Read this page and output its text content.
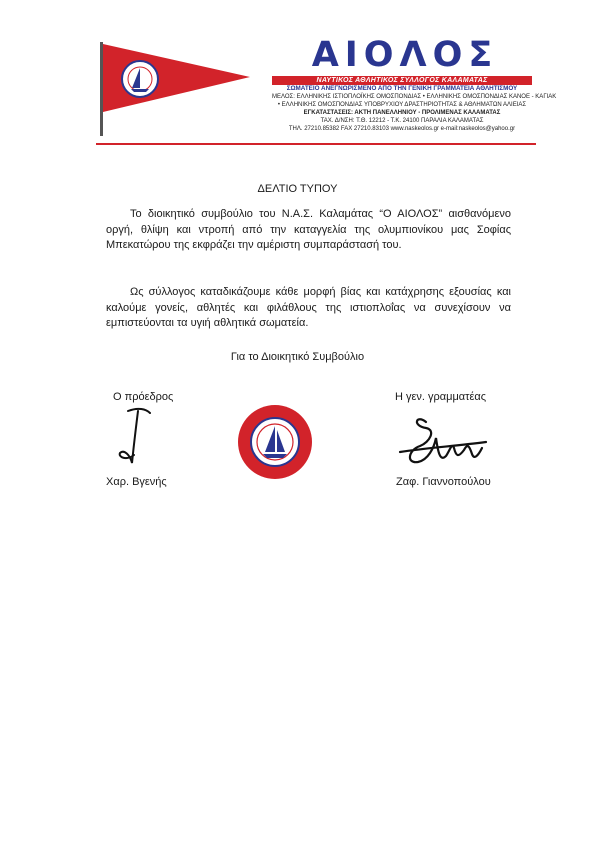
ΑΙΟΛΟΣ
ΝΑΥΤΙΚΟΣ ΑΘΛΗΤΙΚΟΣ ΣΥΛΛΟΓΟΣ ΚΑΛΑΜΑΤΑΣ
ΣΩΜΑΤΕΙΟ ΑΝΕΓΝΩΡΙΣΜΕΝΟ ΑΠΟ ΤΗΝ ΓΕΝΙΚΗ ΓΡΑΜΜΑΤΕΙΑ ΑΘΛΗΤΙΣΜΟΥ
ΜΕΛΟΣ: ΕΛΛΗΝΙΚΗΣ ΙΣΤΙΟΠΛΟΪΚΗΣ ΟΜΟΣΠΟΝΔΙΑΣ • ΕΛΛΗΝΙΚΗΣ ΟΜΟΣΠΟΝΔΙΑΣ ΚΑΝΟΕ - ΚΑΓΙΑΚ
• ΕΛΛΗΝΙΚΗΣ ΟΜΟΣΠΟΝΔΙΑΣ ΥΠΟΒΡΥΧΙΟΥ ΔΡΑΣΤΗΡΙΟΤΗΤΑΣ & ΑΘΛΗΜΑΤΩΝ ΑΛΙΕΙΑΣ
ΕΓΚΑΤΑΣΤΑΣΕΙΣ: ΑΚΤΗ ΠΑΝΕΛΛΗΝΙΟΥ - ΠΡΟΛΙΜΕΝΑΣ ΚΑΛΑΜΑΤΑΣ
ΤΑΧ. Δ/ΝΣΗ: Τ.Θ. 12212 - Τ.Κ. 24100 ΠΑΡΑΛΙΑ ΚΑΛΑΜΑΤΑΣ
ΤΗΛ. 27210.85382 FAX 27210.83103 www.naskeolos.gr e-mail:naskeolos@yahoo.gr
ΔΕΛΤΙΟ ΤΥΠΟΥ

Το διοικητικό συμβούλιο του Ν.Α.Σ. Καλαμάτας “Ο ΑΙΟΛΟΣ” αισθανόμενο οργή, θλίψη και ντροπή από την καταγγελία της ολυμπιονίκου μας Σοφίας Μπεκατώρου της εκφράζει την αμέριστη συμπαράστασή του.

Ως σύλλογος καταδικάζουμε κάθε μορφή βίας και κατάχρησης εξουσίας και καλούμε γονείς, αθλητές και φιλάθλους της ιστιοπλοΐας να συνεχίσουν να εμπιστεύονται τα υγιή αθλητικά σωματεία.

Για το Διοικητικό Συμβούλιο
Ο πρόεδρος	Η γεν. γραμματέας
Χαρ. Βγενής	Ζαφ. Γιαννοπούλου
